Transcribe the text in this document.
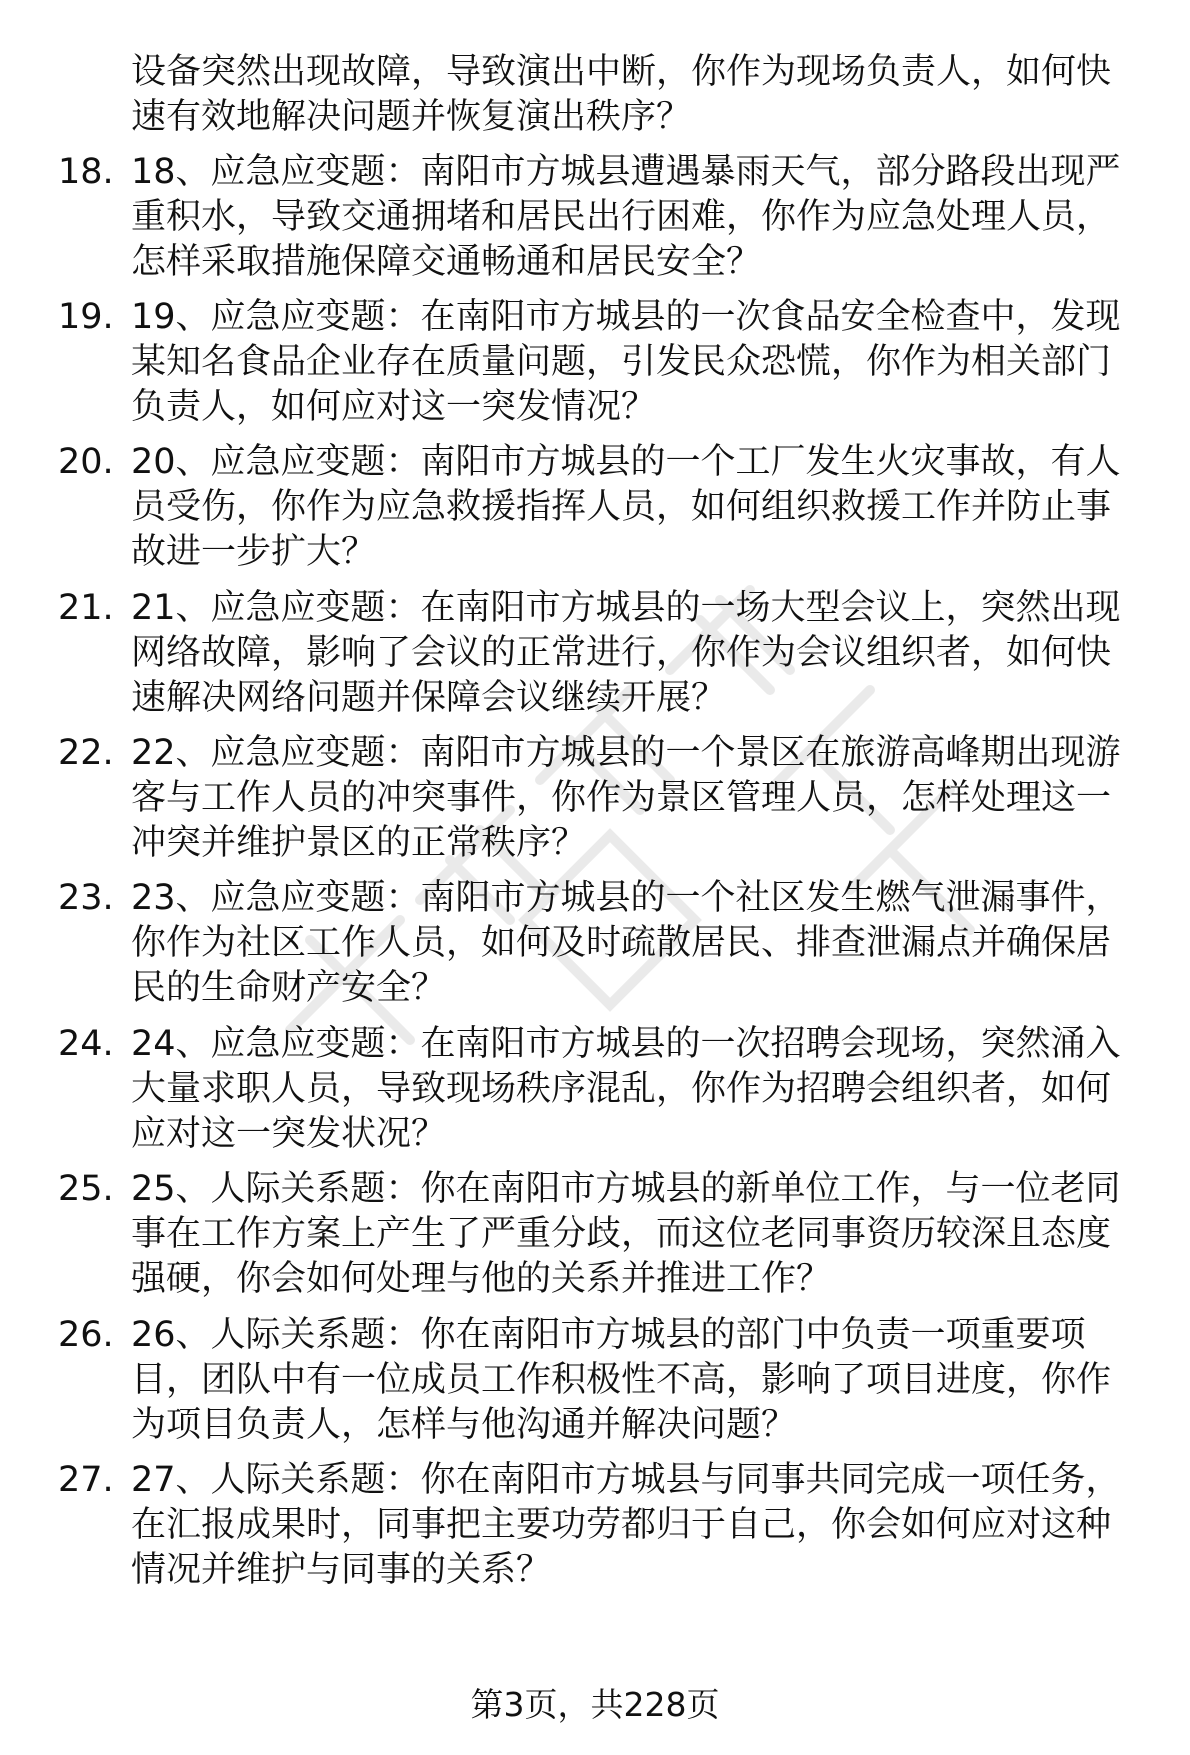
设备突然出现故障，导致演出中断，你作为现场负责人，如何快速有效地解决问题并恢复演出秩序？

18. 18、应急应变题：南阳市方城县遭遇暴雨天气，部分路段出现严重积水，导致交通拥堵和居民出行困难，你作为应急处理人员，怎样采取措施保障交通畅通和居民安全？

19. 19、应急应变题：在南阳市方城县的一次食品安全检查中，发现某知名食品企业存在质量问题，引发民众恐慌，你作为相关部门负责人，如何应对这一突发情况？

20. 20、应急应变题：南阳市方城县的一个工厂发生火灾事故，有人员受伤，你作为应急救援指挥人员，如何组织救援工作并防止事故进一步扩大？

21. 21、应急应变题：在南阳市方城县的一场大型会议上，突然出现网络故障，影响了会议的正常进行，你作为会议组织者，如何快速解决网络问题并保障会议继续开展？

22. 22、应急应变题：南阳市方城县的一个景区在旅游高峰期出现游客与工作人员的冲突事件，你作为景区管理人员，怎样处理这一冲突并维护景区的正常秩序？

23. 23、应急应变题：南阳市方城县的一个社区发生燃气泄漏事件，你作为社区工作人员，如何及时疏散居民、排查泄漏点并确保居民的生命财产安全？

24. 24、应急应变题：在南阳市方城县的一次招聘会现场，突然涌入大量求职人员，导致现场秩序混乱，你作为招聘会组织者，如何应对这一突发状况？

25. 25、人际关系题：你在南阳市方城县的新单位工作，与一位老同事在工作方案上产生了严重分歧，而这位老同事资历较深且态度强硬，你会如何处理与他的关系并推进工作？

26. 26、人际关系题：你在南阳市方城县的部门中负责一项重要项目，团队中有一位成员工作积极性不高，影响了项目进度，你作为项目负责人，怎样与他沟通并解决问题？

27. 27、人际关系题：你在南阳市方城县与同事共同完成一项任务，在汇报成果时，同事把主要功劳都归于自己，你会如何应对这种情况并维护与同事的关系？

第3页，共228页
